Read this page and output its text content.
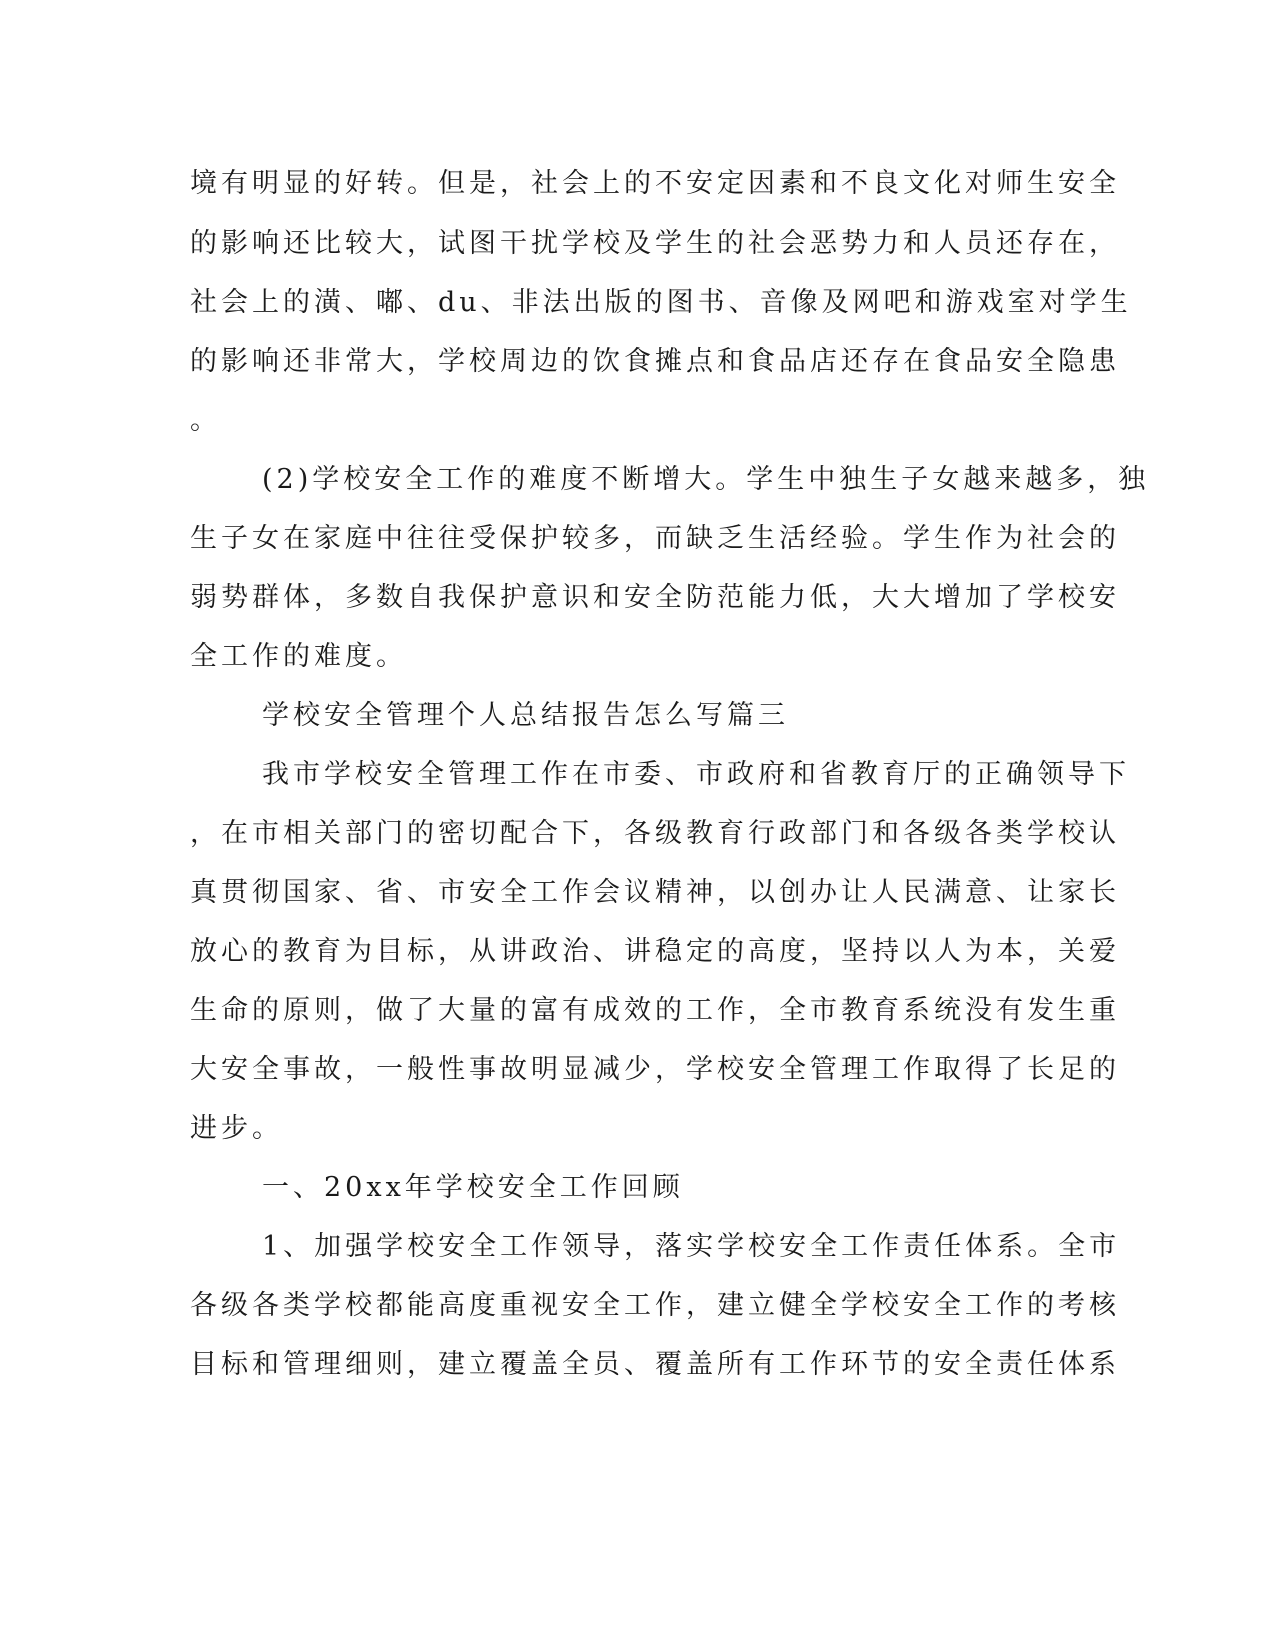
境有明显的好转。但是，社会上的不安定因素和不良文化对师生安全
的影响还比较大，试图干扰学校及学生的社会恶势力和人员还存在，
社会上的潢、嘟、du、非法出版的图书、音像及网吧和游戏室对学生
的影响还非常大，学校周边的饮食摊点和食品店还存在食品安全隐患
。
(2)学校安全工作的难度不断增大。学生中独生子女越来越多，独
生子女在家庭中往往受保护较多，而缺乏生活经验。学生作为社会的
弱势群体，多数自我保护意识和安全防范能力低，大大增加了学校安
全工作的难度。
学校安全管理个人总结报告怎么写篇三
我市学校安全管理工作在市委、市政府和省教育厅的正确领导下
，在市相关部门的密切配合下，各级教育行政部门和各级各类学校认
真贯彻国家、省、市安全工作会议精神，以创办让人民满意、让家长
放心的教育为目标，从讲政治、讲稳定的高度，坚持以人为本，关爱
生命的原则，做了大量的富有成效的工作，全市教育系统没有发生重
大安全事故，一般性事故明显减少，学校安全管理工作取得了长足的
进步。
一、20xx年学校安全工作回顾
1、加强学校安全工作领导，落实学校安全工作责任体系。全市
各级各类学校都能高度重视安全工作，建立健全学校安全工作的考核
目标和管理细则，建立覆盖全员、覆盖所有工作环节的安全责任体系
